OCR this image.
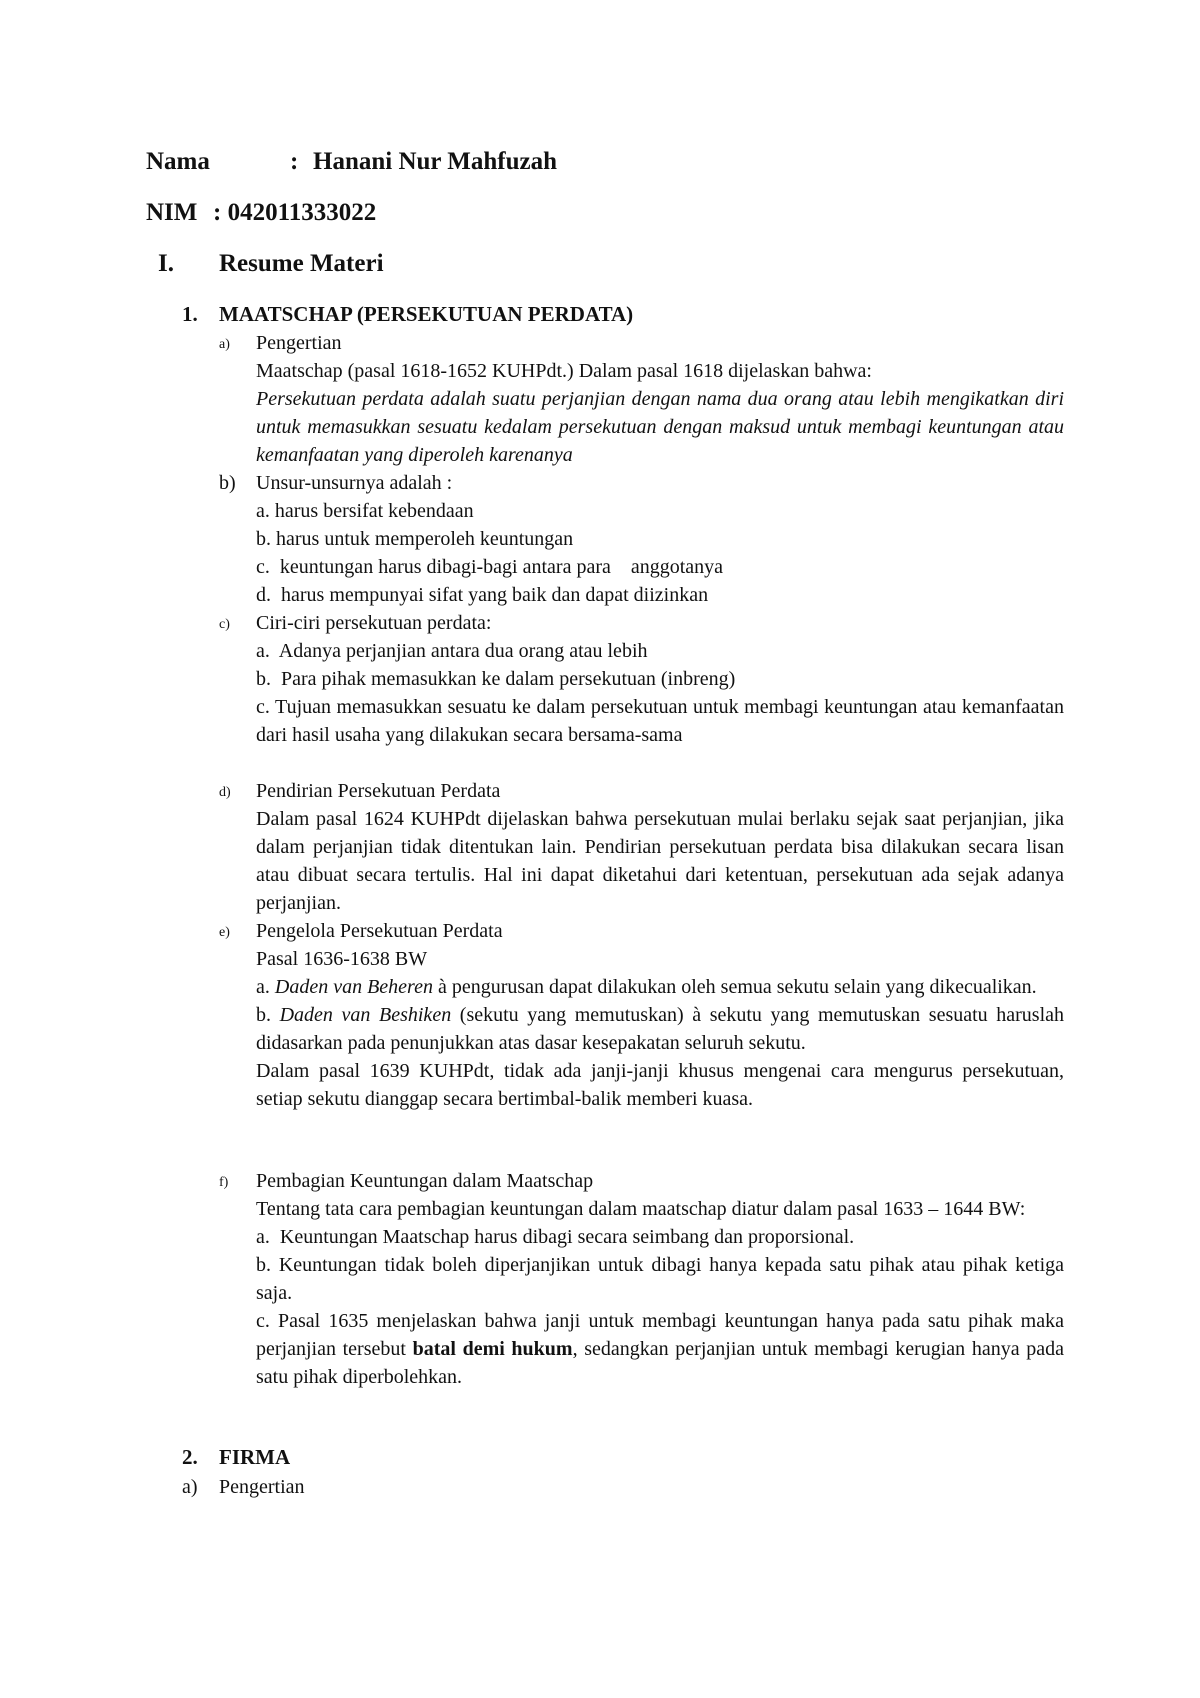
Nama	: Hanani Nur Mahfuzah
NIM : 042011333022
I. Resume Materi
1. MAATSCHAP (PERSEKUTUAN PERDATA)
a) Pengertian
Maatschap (pasal 1618-1652 KUHPdt.) Dalam pasal 1618 dijelaskan bahwa:
Persekutuan perdata adalah suatu perjanjian dengan nama dua orang atau lebih mengikatkan diri untuk memasukkan sesuatu kedalam persekutuan dengan maksud untuk membagi keuntungan atau kemanfaatan yang diperoleh karenanya
b) Unsur-unsurnya adalah :
a. harus bersifat kebendaan
b. harus untuk memperoleh keuntungan
c.  keuntungan harus dibagi-bagi antara para    anggotanya
d.  harus mempunyai sifat yang baik dan dapat diizinkan
c) Ciri-ciri persekutuan perdata:
a.  Adanya perjanjian antara dua orang atau lebih
b.  Para pihak memasukkan ke dalam persekutuan (inbreng)
c. Tujuan memasukkan sesuatu ke dalam persekutuan untuk membagi keuntungan atau kemanfaatan dari hasil usaha yang dilakukan secara bersama-sama
d) Pendirian Persekutuan Perdata
Dalam pasal 1624 KUHPdt dijelaskan bahwa persekutuan mulai berlaku sejak saat perjanjian, jika dalam perjanjian tidak ditentukan lain. Pendirian persekutuan perdata bisa dilakukan secara lisan atau dibuat secara tertulis. Hal ini dapat diketahui dari ketentuan, persekutuan ada sejak adanya perjanjian.
e) Pengelola Persekutuan Perdata
Pasal 1636-1638 BW
a. Daden van Beheren à pengurusan dapat dilakukan oleh semua sekutu selain yang dikecualikan.
b. Daden van Beshiken (sekutu yang memutuskan) à sekutu yang memutuskan sesuatu haruslah didasarkan pada penunjukkan atas dasar kesepakatan seluruh sekutu.
Dalam pasal 1639 KUHPdt, tidak ada janji-janji khusus mengenai cara mengurus persekutuan, setiap sekutu dianggap secara bertimbal-balik memberi kuasa.
f) Pembagian Keuntungan dalam Maatschap
Tentang tata cara pembagian keuntungan dalam maatschap diatur dalam pasal 1633 – 1644 BW:
a.  Keuntungan Maatschap harus dibagi secara seimbang dan proporsional.
b. Keuntungan tidak boleh diperjanjikan untuk dibagi hanya kepada satu pihak atau pihak ketiga saja.
c. Pasal 1635 menjelaskan bahwa janji untuk membagi keuntungan hanya pada satu pihak maka perjanjian tersebut batal demi hukum, sedangkan perjanjian untuk membagi kerugian hanya pada satu pihak diperbolehkan.
2. FIRMA
a) Pengertian
